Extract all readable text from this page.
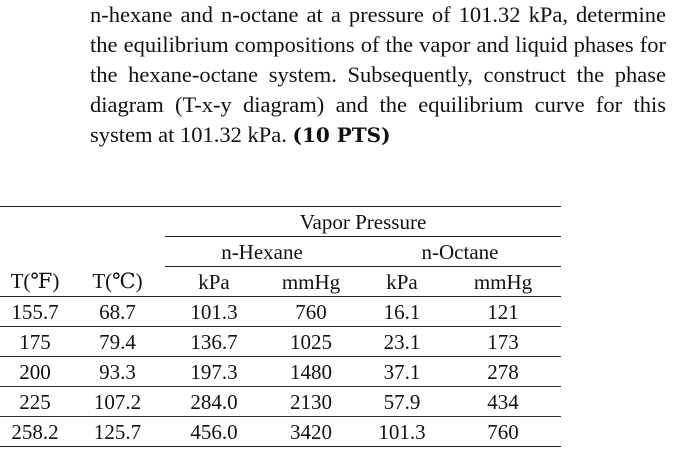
n-hexane and n-octane at a pressure of 101.32 kPa, determine the equilibrium compositions of the vapor and liquid phases for the hexane-octane system. Subsequently, construct the phase diagram (T-x-y diagram) and the equilibrium curve for this system at 101.32 kPa. (10 PTS)
		Vapor Pressure			
		n-Hexane		n-Octane	
T(℉)	T(℃)	kPa	mmHg	kPa	mmHg
155.7	68.7	101.3	760	16.1	121
175	79.4	136.7	1025	23.1	173
200	93.3	197.3	1480	37.1	278
225	107.2	284.0	2130	57.9	434
258.2	125.7	456.0	3420	101.3	760
